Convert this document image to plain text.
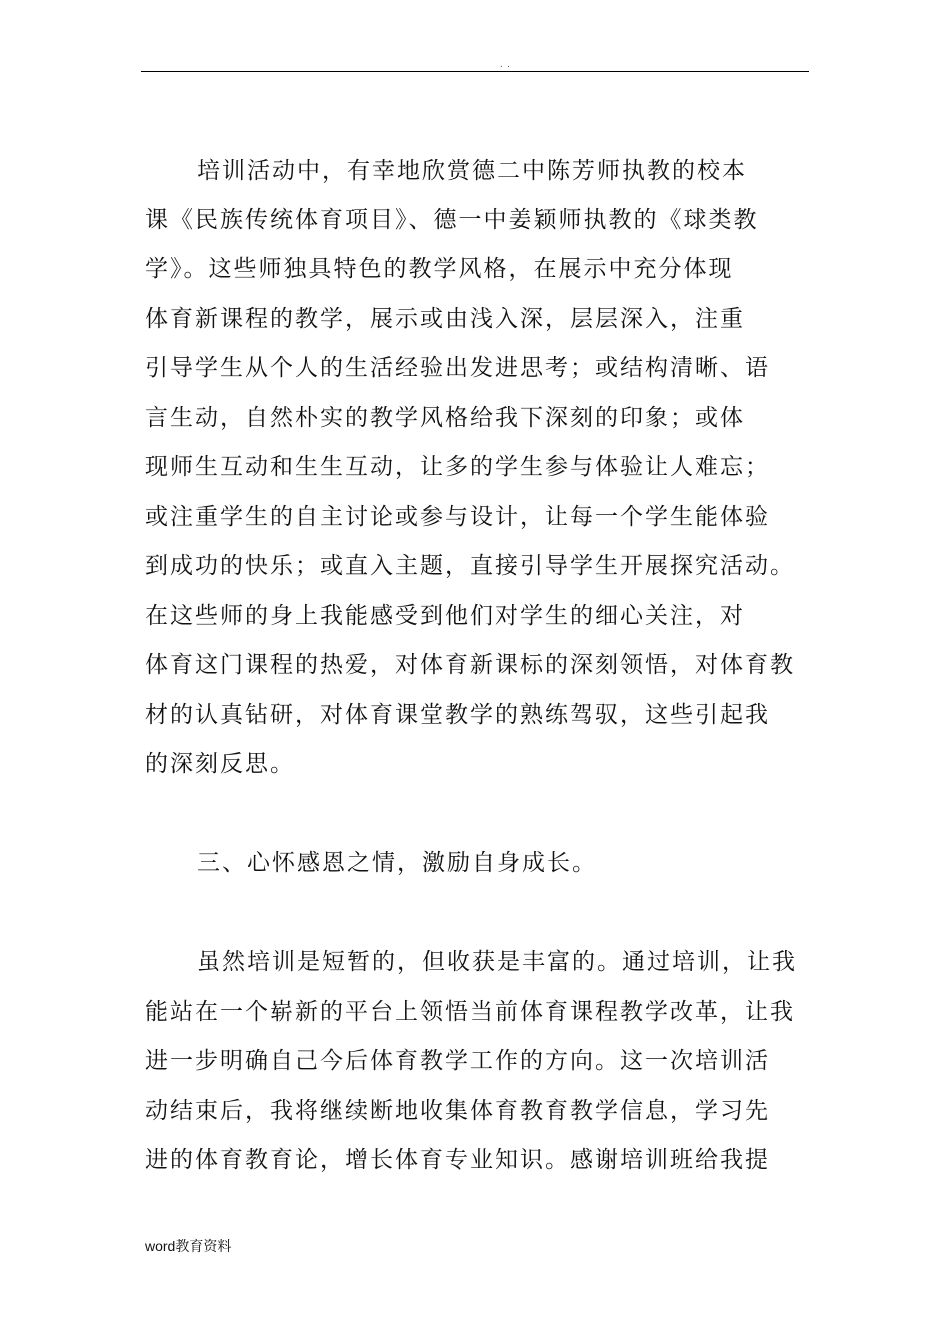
. .
培训活动中，有幸地欣赏德二中陈芳师执教的校本
课《民族传统体育项目》、德一中姜颖师执教的《球类教
学》。这些师独具特色的教学风格，在展示中充分体现
体育新课程的教学，展示或由浅入深，层层深入，注重
引导学生从个人的生活经验出发进思考；或结构清晰、语
言生动，自然朴实的教学风格给我下深刻的印象；或体
现师生互动和生生互动，让多的学生参与体验让人难忘；
或注重学生的自主讨论或参与设计，让每一个学生能体验
到成功的快乐；或直入主题，直接引导学生开展探究活动。
在这些师的身上我能感受到他们对学生的细心关注，对
体育这门课程的热爱，对体育新课标的深刻领悟，对体育教
材的认真钻研，对体育课堂教学的熟练驾驭，这些引起我
的深刻反思。
三、心怀感恩之情，激励自身成长。
虽然培训是短暂的，但收获是丰富的。通过培训，让我
能站在一个崭新的平台上领悟当前体育课程教学改革，让我
进一步明确自己今后体育教学工作的方向。这一次培训活
动结束后，我将继续断地收集体育教育教学信息，学习先
进的体育教育论，增长体育专业知识。感谢培训班给我提
word教育资料
